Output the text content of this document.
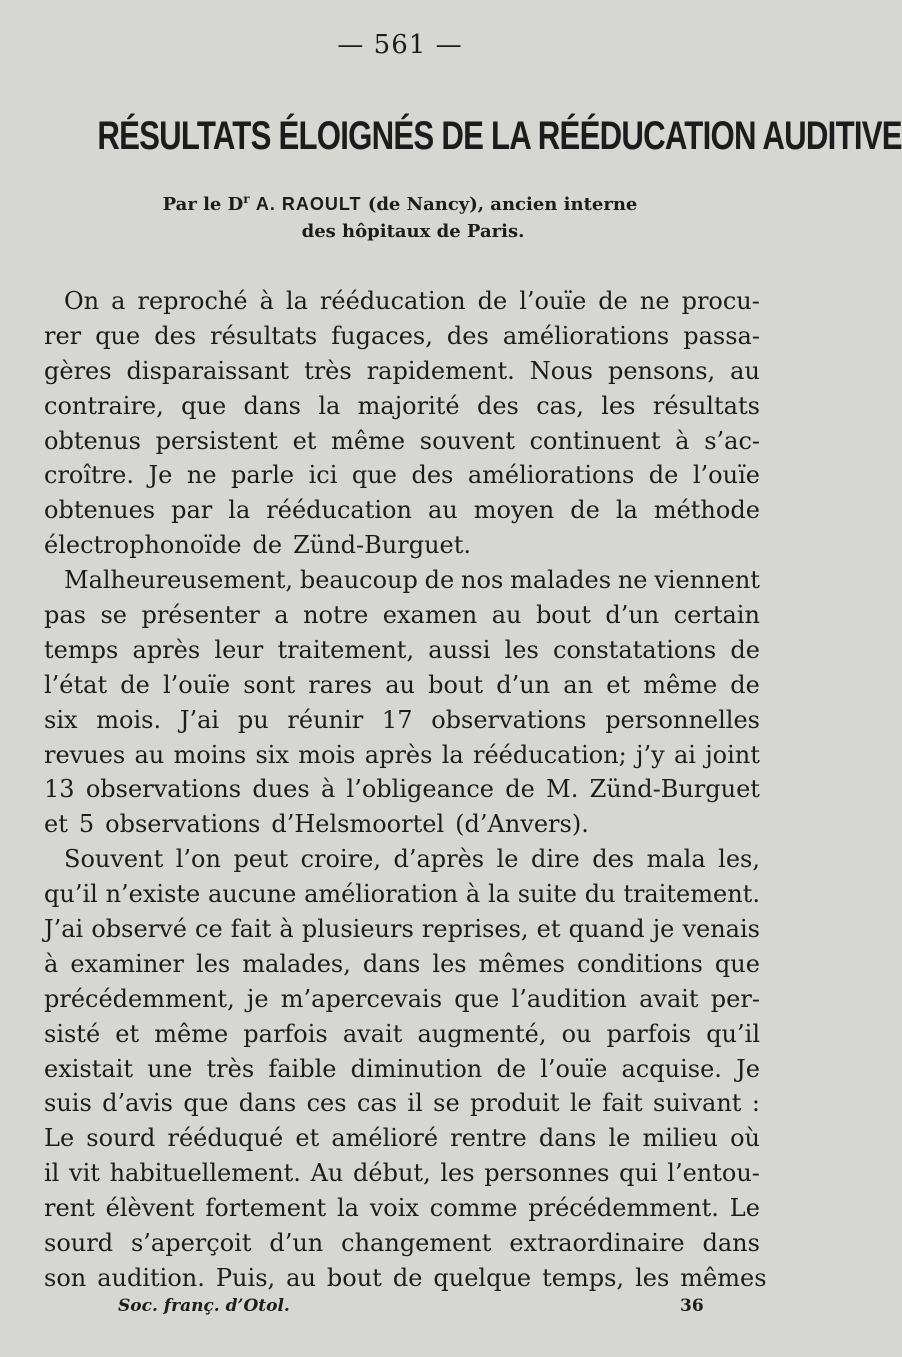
— 561 —
RÉSULTATS ÉLOIGNÉS DE LA RÉÉDUCATION AUDITIVE
Par le $D^r$ A. RAOULT (de Nancy), ancien interne
des hôpitaux de Paris.
On a reproché à la rééducation de l’ouïe de ne procu-
rer que des résultats fugaces, des améliorations passa-
gères disparaissant très rapidement. Nous pensons, au
contraire, que dans la majorité des cas, les résultats
obtenus persistent et même souvent continuent à s’ac-
croître. Je ne parle ici que des améliorations de l’ouïe
obtenues par la rééducation au moyen de la méthode
électrophonoïde de Zünd-Burguet.
Malheureusement, beaucoup de nos malades ne viennent
pas se présenter a notre examen au bout d’un certain
temps après leur traitement, aussi les constatations de
l’état de l’ouïe sont rares au bout d’un an et même de
six mois. J’ai pu réunir 17 observations personnelles
revues au moins six mois après la rééducation; j’y ai joint
13 observations dues à l’obligeance de M. Zünd-Burguet
et 5 observations d’Helsmoortel (d’Anvers).
Souvent l’on peut croire, d’après le dire des mala les,
qu’il n’existe aucune amélioration à la suite du traitement.
J’ai observé ce fait à plusieurs reprises, et quand je venais
à examiner les malades, dans les mêmes conditions que
précédemment, je m’apercevais que l’audition avait per-
sisté et même parfois avait augmenté, ou parfois qu’il
existait une très faible diminution de l’ouïe acquise. Je
suis d’avis que dans ces cas il se produit le fait suivant :
Le sourd rééduqué et amélioré rentre dans le milieu où
il vit habituellement. Au début, les personnes qui l’entou-
rent élèvent fortement la voix comme précédemment. Le
sourd s’aperçoit d’un changement extraordinaire dans
son audition. Puis, au bout de quelque temps, les mêmes
Soc. franç. d’Otol.	36
